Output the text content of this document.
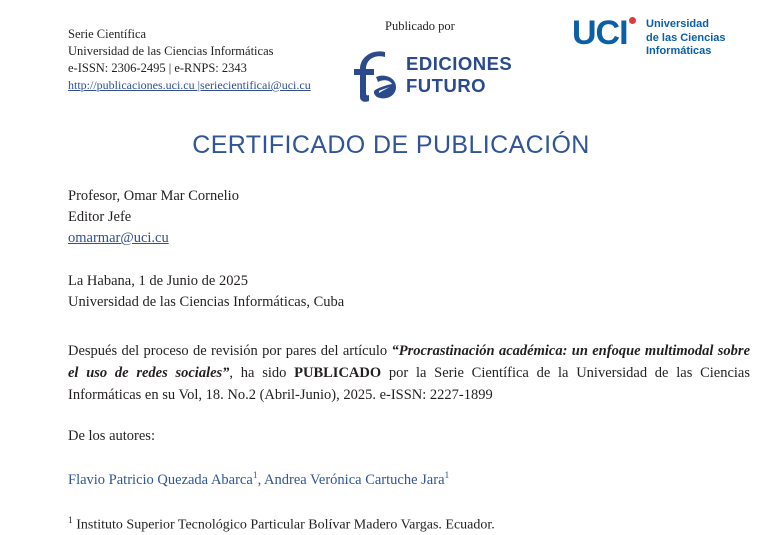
Serie Científica
Universidad de las Ciencias Informáticas
e-ISSN: 2306-2495 | e-RNPS: 2343
http://publicaciones.uci.cu |seriecientificai@uci.cu
Publicado por
EDICIONES
FUTURO
UCI Universidad
de las Ciencias
Informáticas
CERTIFICADO DE PUBLICACIÓN
Profesor, Omar Mar Cornelio
Editor Jefe
omarmar@uci.cu
La Habana, 1 de Junio de 2025
Universidad de las Ciencias Informáticas, Cuba
Después del proceso de revisión por pares del artículo “Procrastinación académica: un enfoque multimodal sobre el uso de redes sociales”, ha sido PUBLICADO por la Serie Científica de la Universidad de las Ciencias Informáticas en su Vol, 18. No.2 (Abril-Junio), 2025. e-ISSN: 2227-1899
De los autores:
Flavio Patricio Quezada Abarca$^1$, Andrea Verónica Cartuche Jara$^1$
$^1$ Instituto Superior Tecnológico Particular Bolívar Madero Vargas. Ecuador.
